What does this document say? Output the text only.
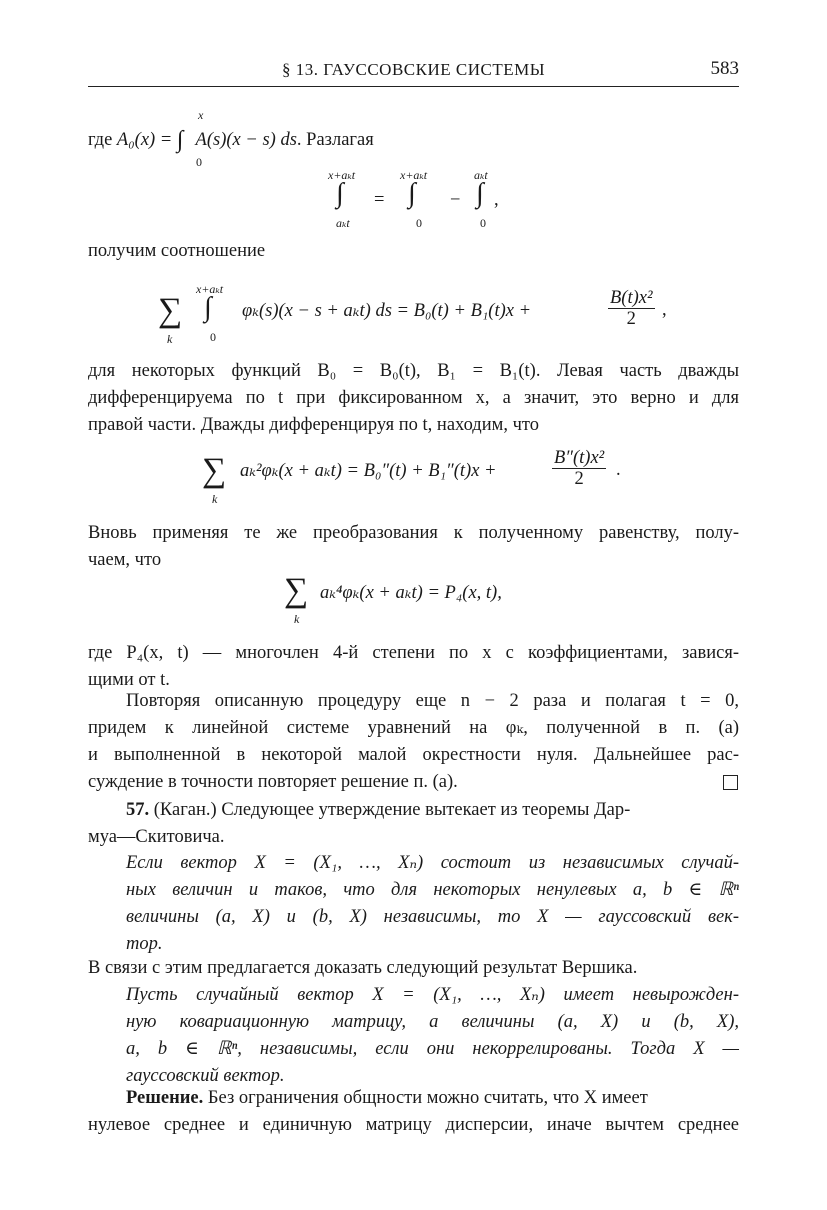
§ 13. ГАУССОВСКИЕ СИСТЕМЫ	583
где A₀(x) = ∫ A(s)(x − s) ds. Разлагая
x
0
x+aₖt
∫
aₖt
=
x+aₖt
∫
0
−
aₖt
∫
0
,
получим соотношение
∑
k
x+aₖt
∫
0
φₖ(s)(x − s + aₖt) ds = B₀(t) + B₁(t)x +	$\frac{\text{B(t)x²}}{2}$ ,
для некоторых функций B₀ = B₀(t), B₁ = B₁(t). Левая часть дважды
дифференцируема по t при фиксированном x, а значит, это верно и для
правой части. Дважды дифференцируя по t, находим, что
∑
k
aₖ²φₖ(x + aₖt) = B₀″(t) + B₁″(t)x +	$\frac{\text{B″(t)x²}}{2}$ .
Вновь применяя те же преобразования к полученному равенству, полу-
чаем, что
∑
k
aₖ⁴φₖ(x + aₖt) = P₄(x, t),
где P₄(x, t) — многочлен 4-й степени по x с коэффициентами, завися-
щими от t.
Повторяя описанную процедуру еще n − 2 раза и полагая t = 0,
придем к линейной системе уравнений на φₖ, полученной в п. (а)
и выполненной в некоторой малой окрестности нуля. Дальнейшее рас-
суждение в точности повторяет решение п. (а).
57. (Каган.) Следующее утверждение вытекает из теоремы Дар-
муа—Скитовича.
Если вектор X = (X₁, …, Xₙ) состоит из независимых случай-
ных величин и таков, что для некоторых ненулевых a, b ∈ ℝⁿ
величины (a, X) и (b, X) независимы, то X — гауссовский век-
тор.
В связи с этим предлагается доказать следующий результат Вершика.
Пусть случайный вектор X = (X₁, …, Xₙ) имеет невырожден-
ную ковариационную матрицу, а величины (a, X) и (b, X),
a, b ∈ ℝⁿ, независимы, если они некоррелированы. Тогда X —
гауссовский вектор.
Решение. Без ограничения общности можно считать, что X имеет
нулевое среднее и единичную матрицу дисперсии, иначе вычтем среднее
